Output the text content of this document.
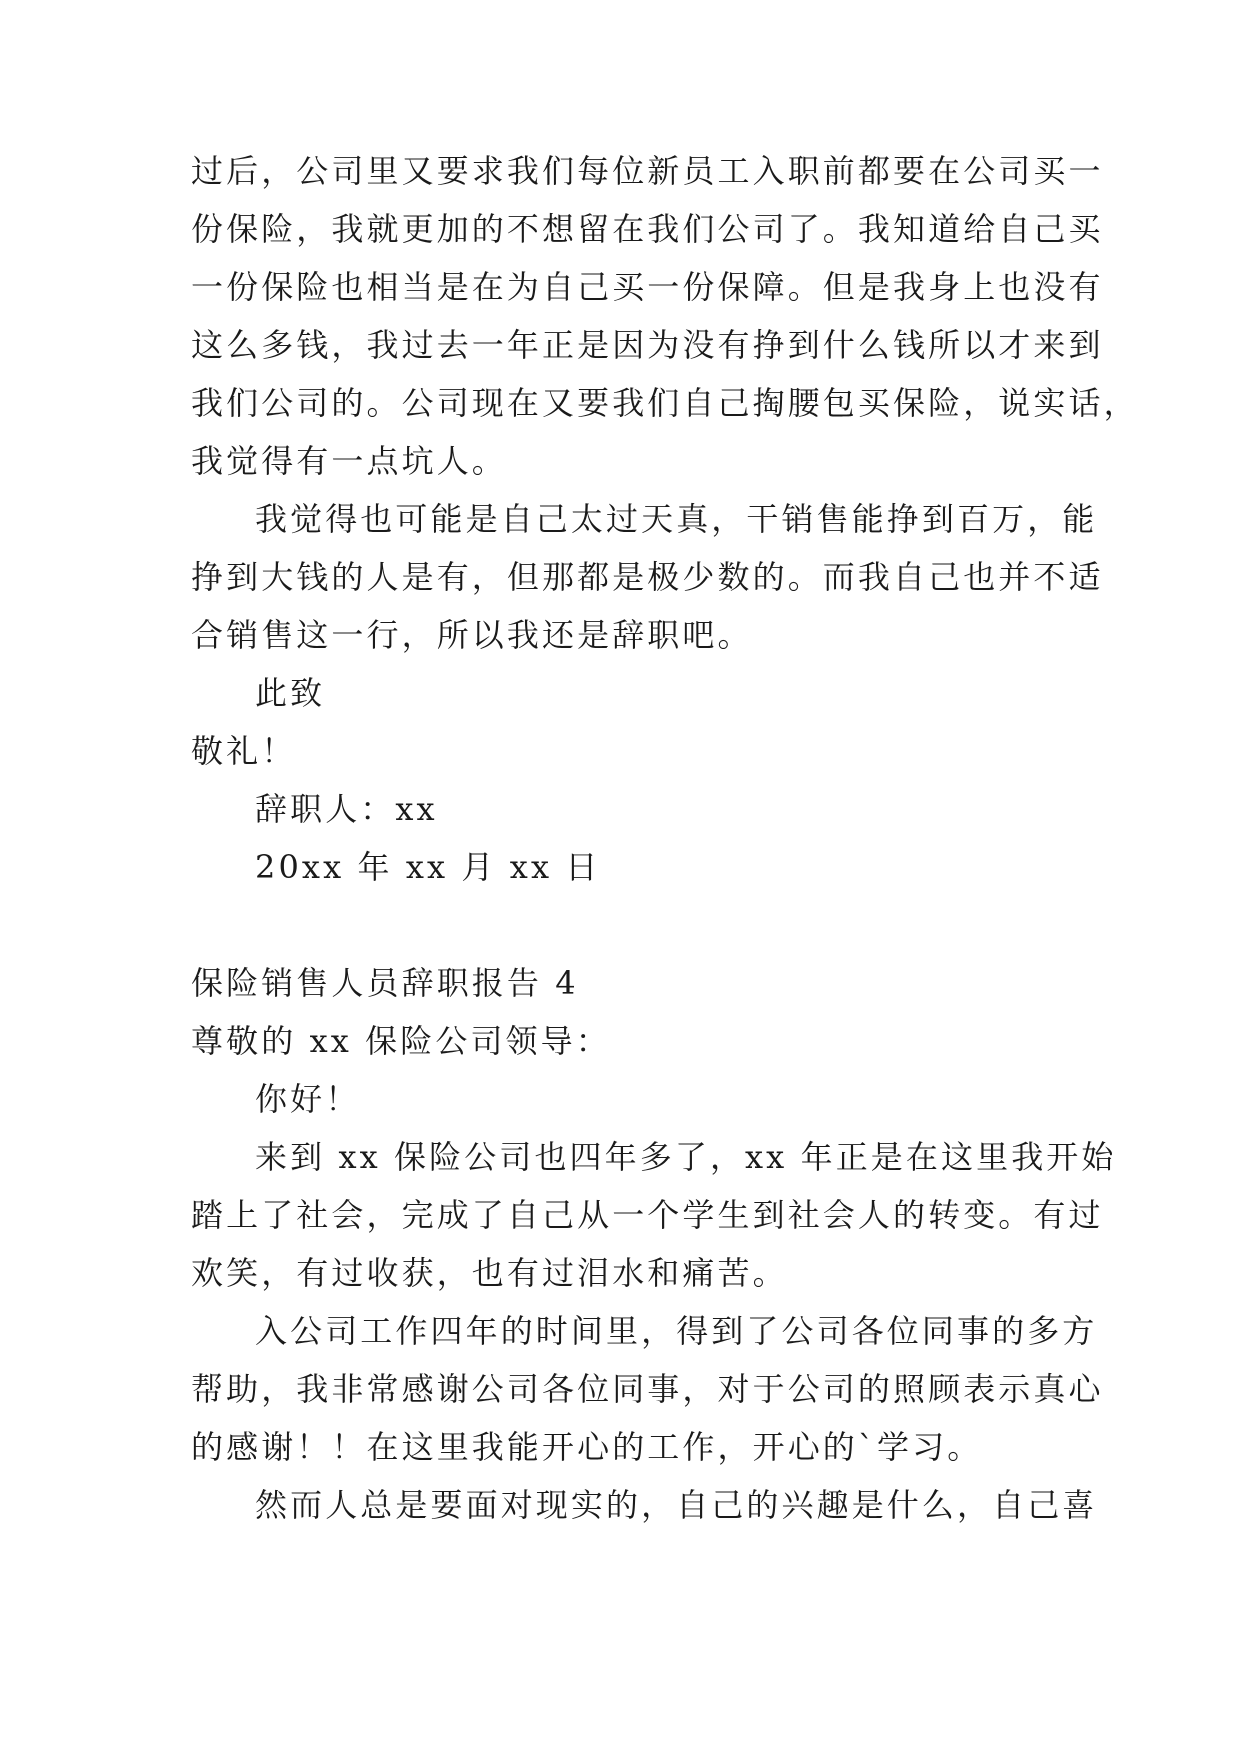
过后，公司里又要求我们每位新员工入职前都要在公司买一
份保险，我就更加的不想留在我们公司了。我知道给自己买
一份保险也相当是在为自己买一份保障。但是我身上也没有
这么多钱，我过去一年正是因为没有挣到什么钱所以才来到
我们公司的。公司现在又要我们自己掏腰包买保险，说实话，
我觉得有一点坑人。
我觉得也可能是自己太过天真，干销售能挣到百万，能
挣到大钱的人是有，但那都是极少数的。而我自己也并不适
合销售这一行，所以我还是辞职吧。
此致
敬礼！
辞职人：xx
20xx 年 xx 月 xx 日
保险销售人员辞职报告 4
尊敬的 xx 保险公司领导：
你好！
来到 xx 保险公司也四年多了，xx 年正是在这里我开始
踏上了社会，完成了自己从一个学生到社会人的转变。有过
欢笑，有过收获，也有过泪水和痛苦。
入公司工作四年的时间里，得到了公司各位同事的多方
帮助，我非常感谢公司各位同事，对于公司的照顾表示真心
的感谢！！在这里我能开心的工作，开心的`学习。
然而人总是要面对现实的，自己的兴趣是什么，自己喜
